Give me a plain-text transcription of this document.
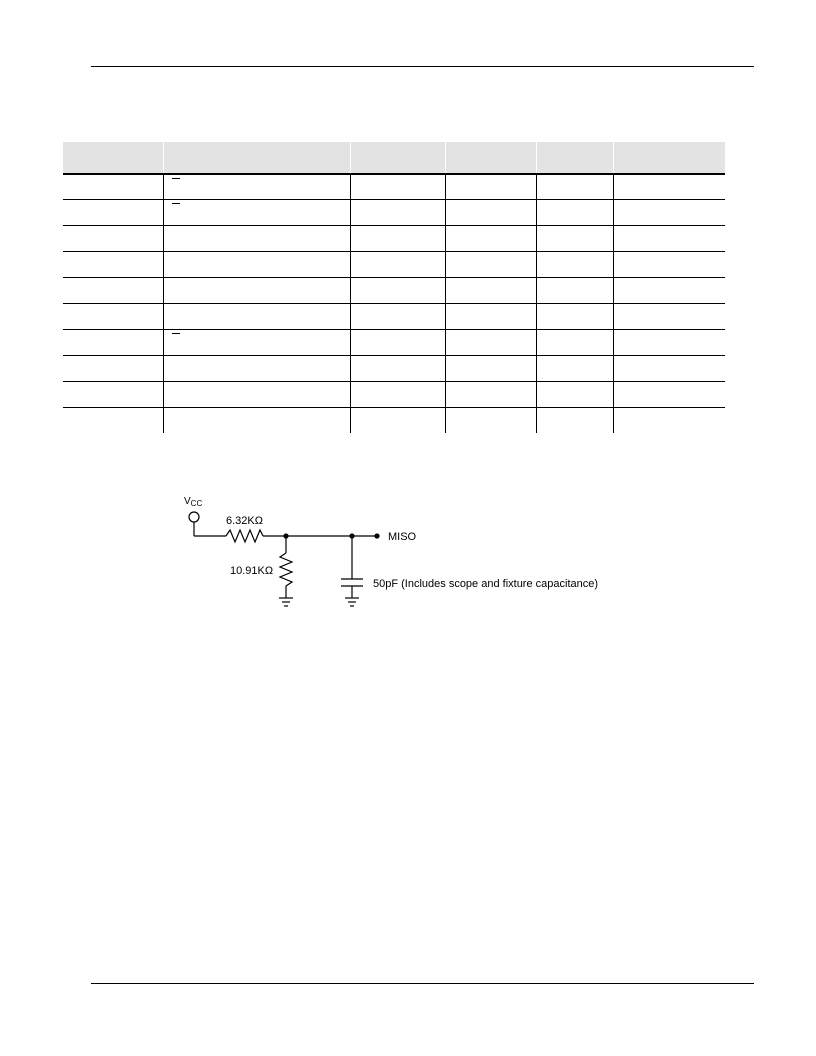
$V_{CC}$
6.32KΩ
10.91KΩ
MISO
50pF (Includes scope and fixture capacitance)
